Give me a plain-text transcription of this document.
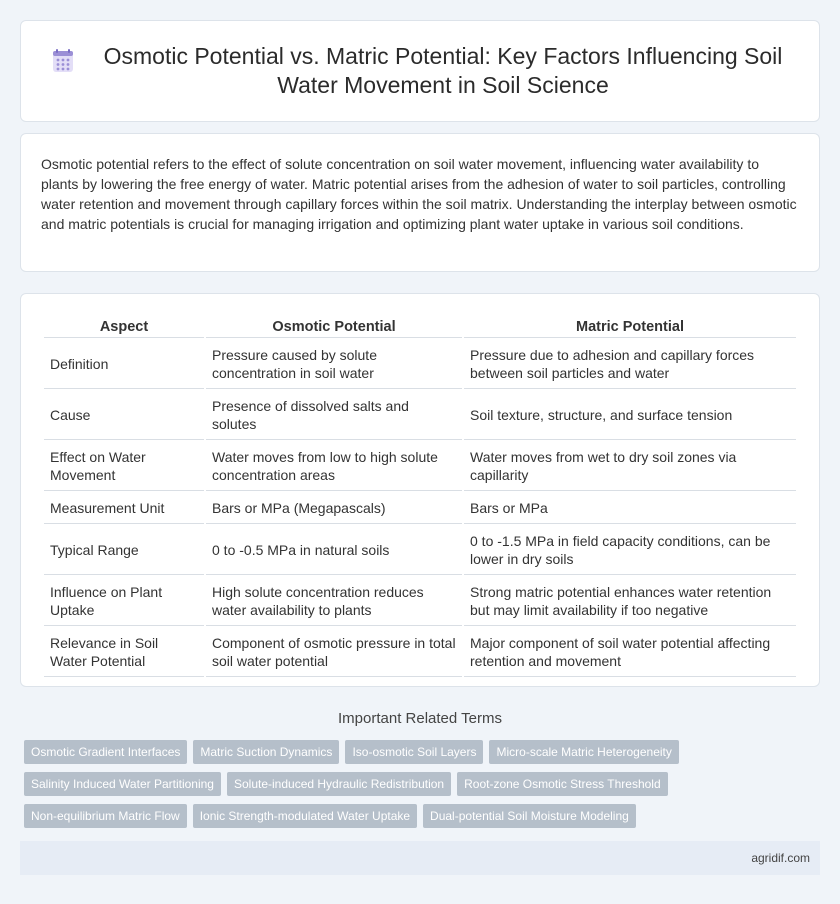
Osmotic Potential vs. Matric Potential: Key Factors Influencing Soil Water Movement in Soil Science

Osmotic potential refers to the effect of solute concentration on soil water movement, influencing water availability to plants by lowering the free energy of water. Matric potential arises from the adhesion of water to soil particles, controlling water retention and movement through capillary forces within the soil matrix. Understanding the interplay between osmotic and matric potentials is crucial for managing irrigation and optimizing plant water uptake in various soil conditions.

Aspect	Osmotic Potential	Matric Potential
Definition	Pressure caused by solute concentration in soil water	Pressure due to adhesion and capillary forces between soil particles and water
Cause	Presence of dissolved salts and solutes	Soil texture, structure, and surface tension
Effect on Water Movement	Water moves from low to high solute concentration areas	Water moves from wet to dry soil zones via capillarity
Measurement Unit	Bars or MPa (Megapascals)	Bars or MPa
Typical Range	0 to -0.5 MPa in natural soils	0 to -1.5 MPa in field capacity conditions, can be lower in dry soils
Influence on Plant Uptake	High solute concentration reduces water availability to plants	Strong matric potential enhances water retention but may limit availability if too negative
Relevance in Soil Water Potential	Component of osmotic pressure in total soil water potential	Major component of soil water potential affecting retention and movement
Important Related Terms
Osmotic Gradient Interfaces	Matric Suction Dynamics	Iso-osmotic Soil Layers	Micro-scale Matric Heterogeneity
Salinity Induced Water Partitioning	Solute-induced Hydraulic Redistribution	Root-zone Osmotic Stress Threshold
Non-equilibrium Matric Flow	Ionic Strength-modulated Water Uptake	Dual-potential Soil Moisture Modeling
agridif.com
